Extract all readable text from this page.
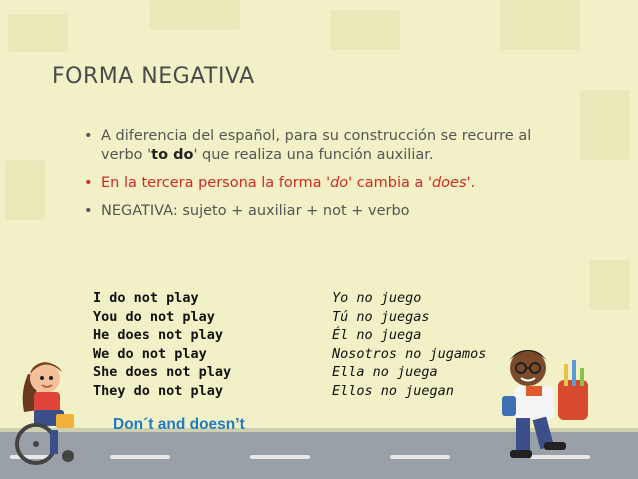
FORMA NEGATIVA
• A diferencia del español, para su construcción se recurre al verbo 'to do' que realiza una función auxiliar.
• En la tercera persona la forma 'do' cambia a 'does'.
• NEGATIVA: sujeto + auxiliar + not + verbo
I do not play	Yo no juego
You do not play	Tú no juegas
He does not play	Él no juega
We do not play	Nosotros no jugamos
She does not play	Ella no juega
They do not play	Ellos no juegan
Don´t and doesn’t
